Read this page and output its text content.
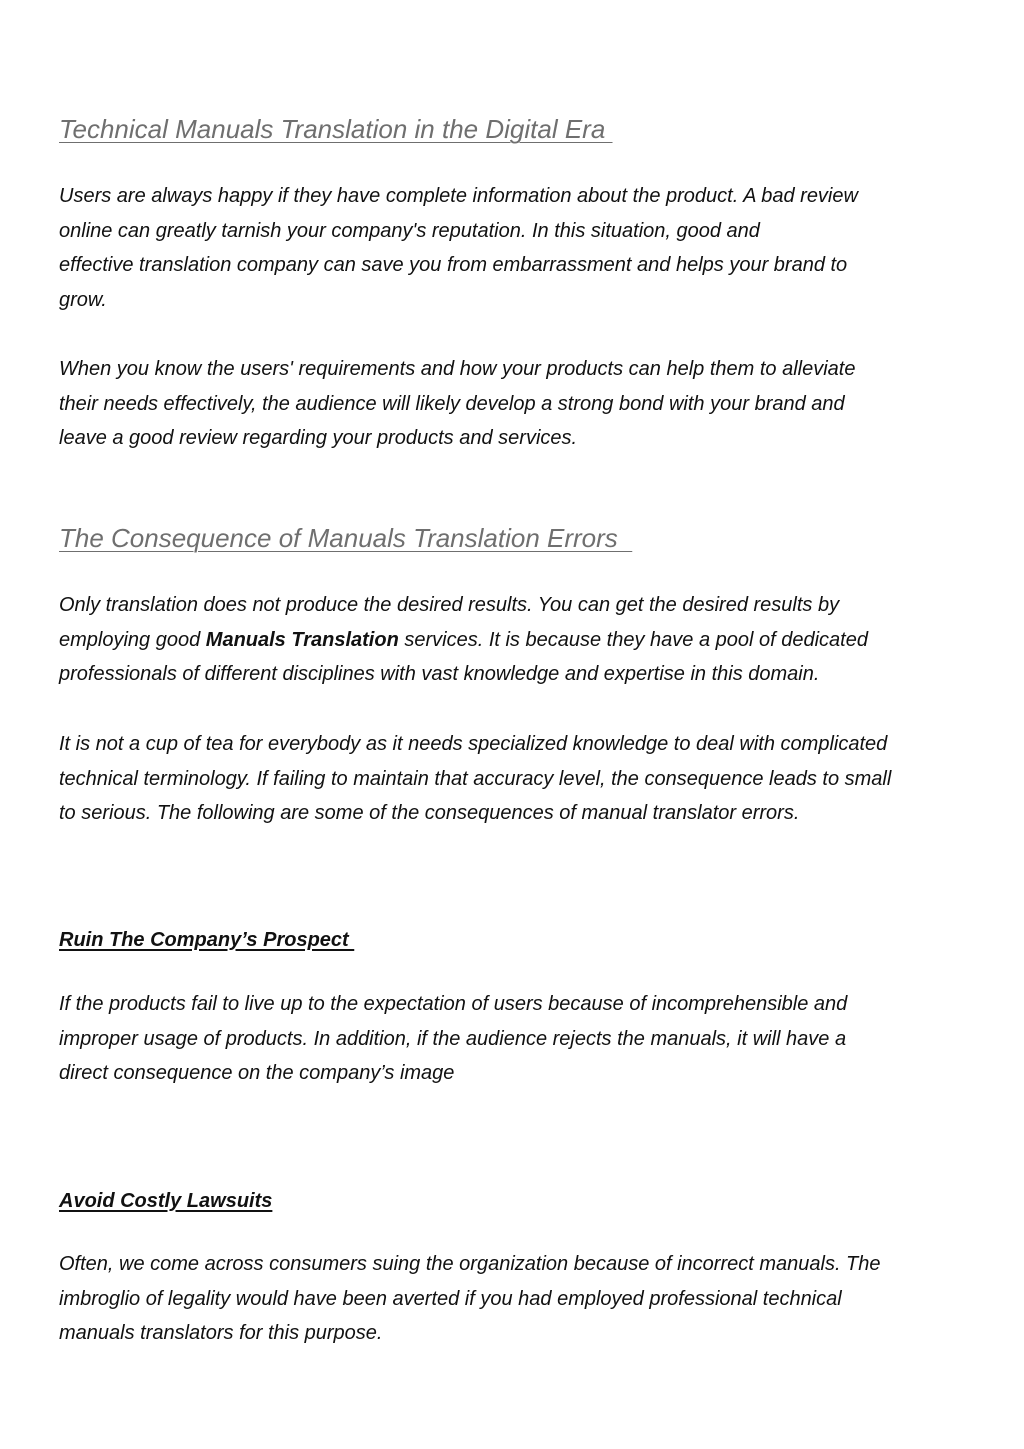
Technical Manuals Translation in the Digital Era
Users are always happy if they have complete information about the product. A bad review
online can greatly tarnish your company's reputation. In this situation, good and
effective translation company can save you from embarrassment and helps your brand to
grow.
When you know the users' requirements and how your products can help them to alleviate
their needs effectively, the audience will likely develop a strong bond with your brand and
leave a good review regarding your products and services.
The Consequence of Manuals Translation Errors
Only translation does not produce the desired results. You can get the desired results by
employing good Manuals Translation services. It is because they have a pool of dedicated
professionals of different disciplines with vast knowledge and expertise in this domain.
It is not a cup of tea for everybody as it needs specialized knowledge to deal with complicated
technical terminology. If failing to maintain that accuracy level, the consequence leads to small
to serious. The following are some of the consequences of manual translator errors.
Ruin The Company’s Prospect
If the products fail to live up to the expectation of users because of incomprehensible and
improper usage of products. In addition, if the audience rejects the manuals, it will have a
direct consequence on the company’s image
Avoid Costly Lawsuits
Often, we come across consumers suing the organization because of incorrect manuals. The
imbroglio of legality would have been averted if you had employed professional technical
manuals translators for this purpose.
